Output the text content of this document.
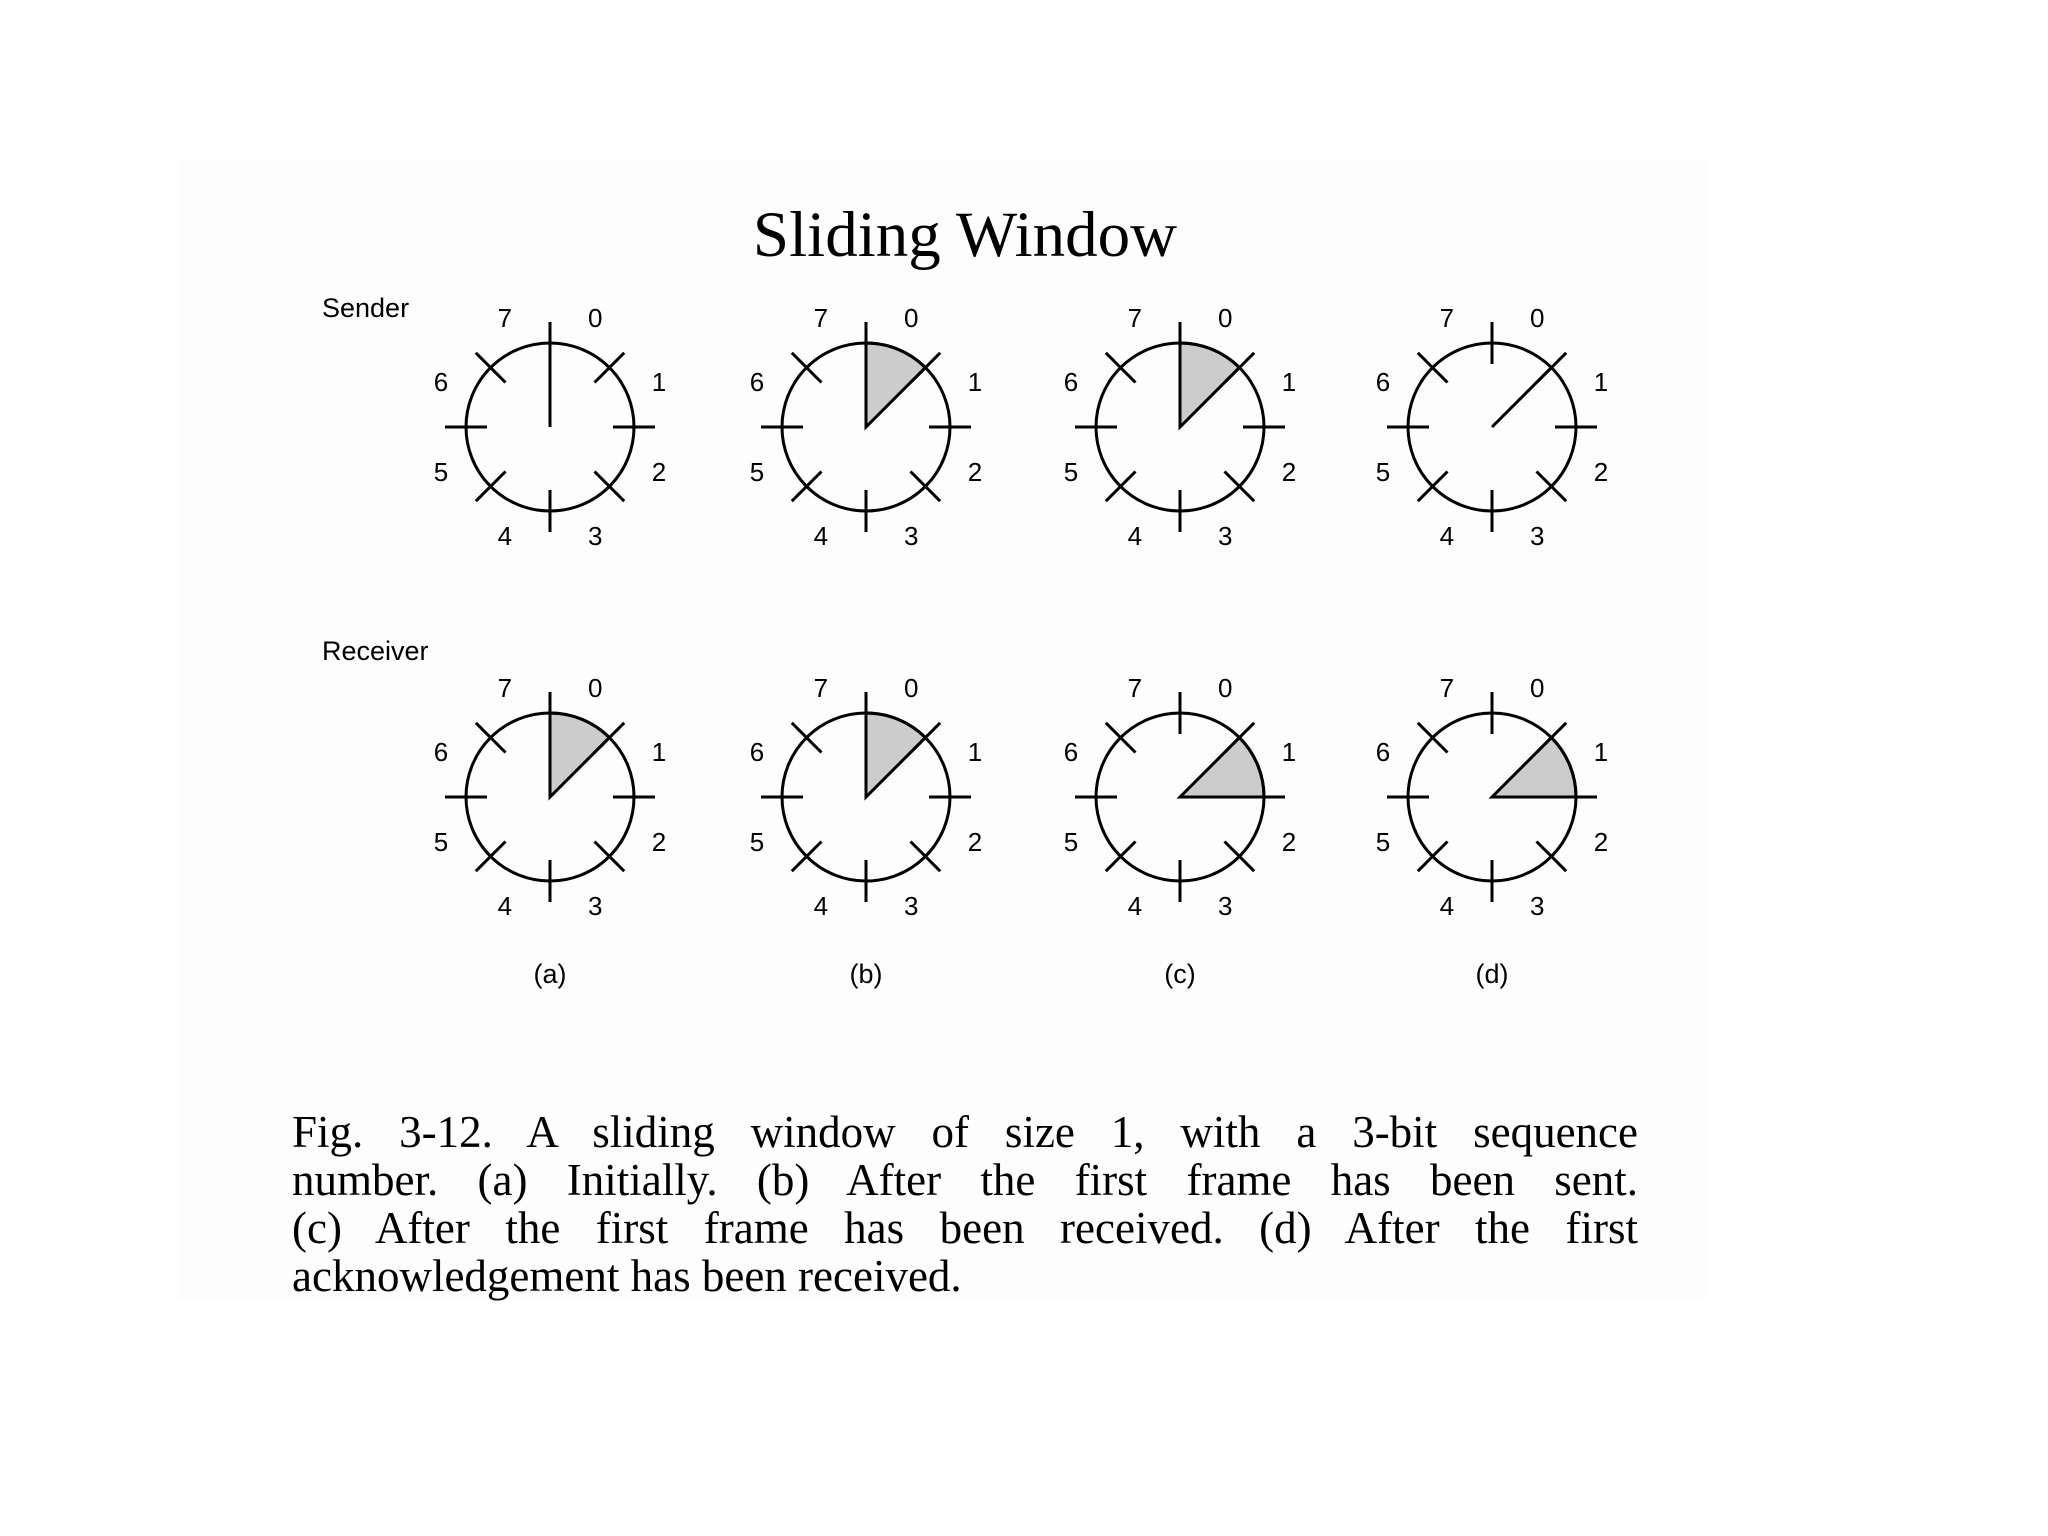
Sliding Window
Sender
Receiver
0
1
2
3
4
5
6
7
0
1
2
3
4
5
6
7
(a)
0
1
2
3
4
5
6
7
0
1
2
3
4
5
6
7
(b)
0
1
2
3
4
5
6
7
0
1
2
3
4
5
6
7
(c)
0
1
2
3
4
5
6
7
0
1
2
3
4
5
6
7
(d)
Fig. 3-12. A sliding window of size 1, with a 3-bit sequence
number. (a) Initially. (b) After the first frame has been sent.
(c) After the first frame has been received. (d) After the first
acknowledgement has been received.
